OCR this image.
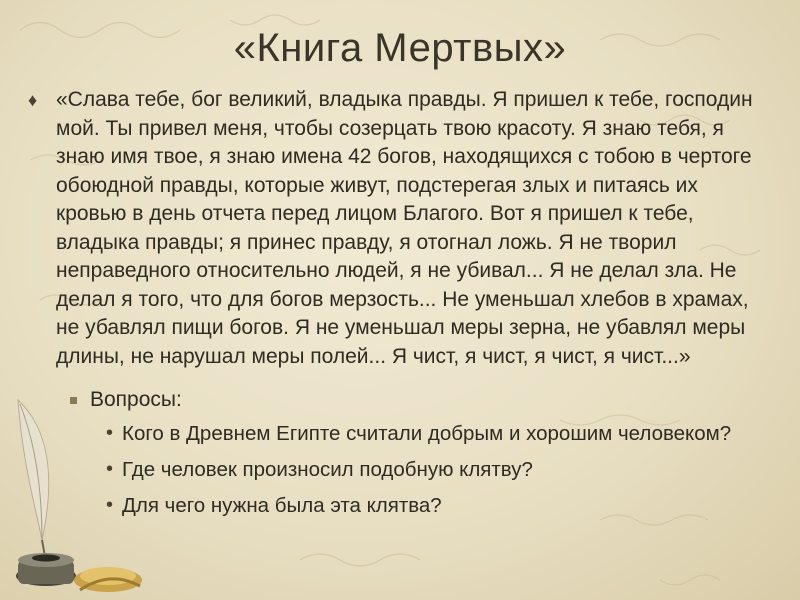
«Книга Мертвых»
♦ «Слава тебе, бог великий, владыка правды. Я пришел к тебе, господин мой. Ты привел меня, чтобы созерцать твою красоту. Я знаю тебя, я знаю имя твое, я знаю имена 42 богов, находящихся с тобою в чертоге обоюдной правды, которые живут, подстерегая злых и питаясь их кровью в день отчета перед лицом Благого. Вот я пришел к тебе, владыка правды; я принес правду, я отогнал ложь. Я не творил неправедного относительно людей, я не убивал... Я не делал зла. Не делал я того, что для богов мерзость... Не уменьшал хлебов в храмах, не убавлял пищи богов. Я не уменьшал меры зерна, не убавлял меры длины, не нарушал меры полей... Я чист, я чист, я чист, я чист...»

Вопросы:
• Кого в Древнем Египте считали добрым и хорошим человеком?
• Где человек произносил подобную клятву?
• Для чего нужна была эта клятва?
